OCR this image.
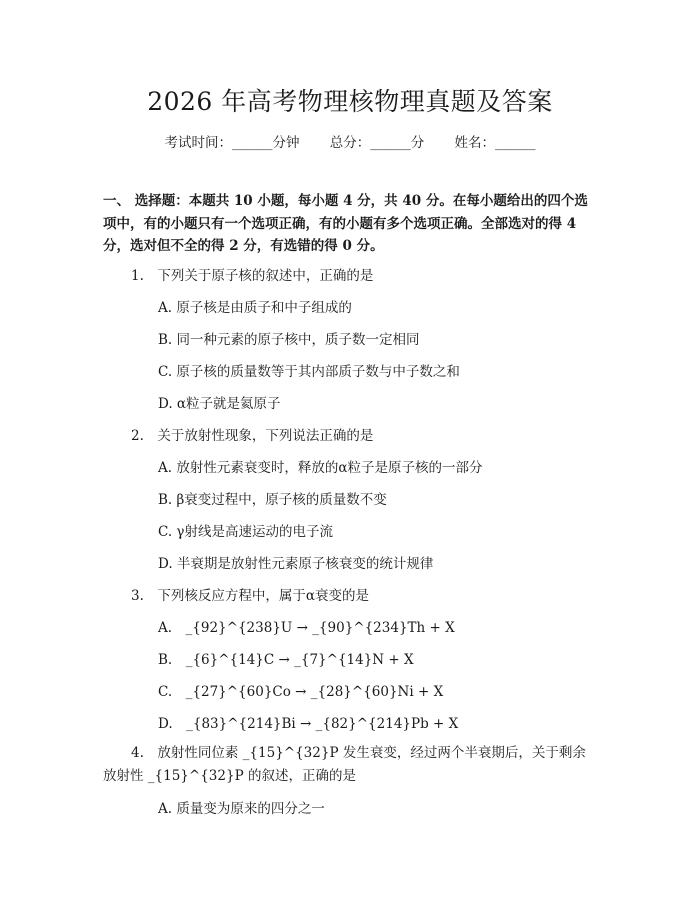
2026 年高考物理核物理真题及答案
考试时间：______分钟 总分：______分 姓名：______
一、 选择题：本题共 10 小题，每小题 4 分，共 40 分。在每小题给出的四个选项中，有的小题只有一个选项正确，有的小题有多个选项正确。全部选对的得 4 分，选对但不全的得 2 分，有选错的得 0 分。
1.　下列关于原子核的叙述中，正确的是
A. 原子核是由质子和中子组成的
B. 同一种元素的原子核中，质子数一定相同
C. 原子核的质量数等于其内部质子数与中子数之和
D. α粒子就是氦原子
2.　关于放射性现象，下列说法正确的是
A. 放射性元素衰变时，释放的α粒子是原子核的一部分
B. β衰变过程中，原子核的质量数不变
C. γ射线是高速运动的电子流
D. 半衰期是放射性元素原子核衰变的统计规律
3.　下列核反应方程中，属于α衰变的是
A.　_{92}^{238}U → _{90}^{234}Th + X
B.　_{6}^{14}C → _{7}^{14}N + X
C.　_{27}^{60}Co → _{28}^{60}Ni + X
D.　_{83}^{214}Bi → _{82}^{214}Pb + X
4.　放射性同位素 _{15}^{32}P 发生衰变，经过两个半衰期后，关于剩余放射性 _{15}^{32}P 的叙述，正确的是
A. 质量变为原来的四分之一
